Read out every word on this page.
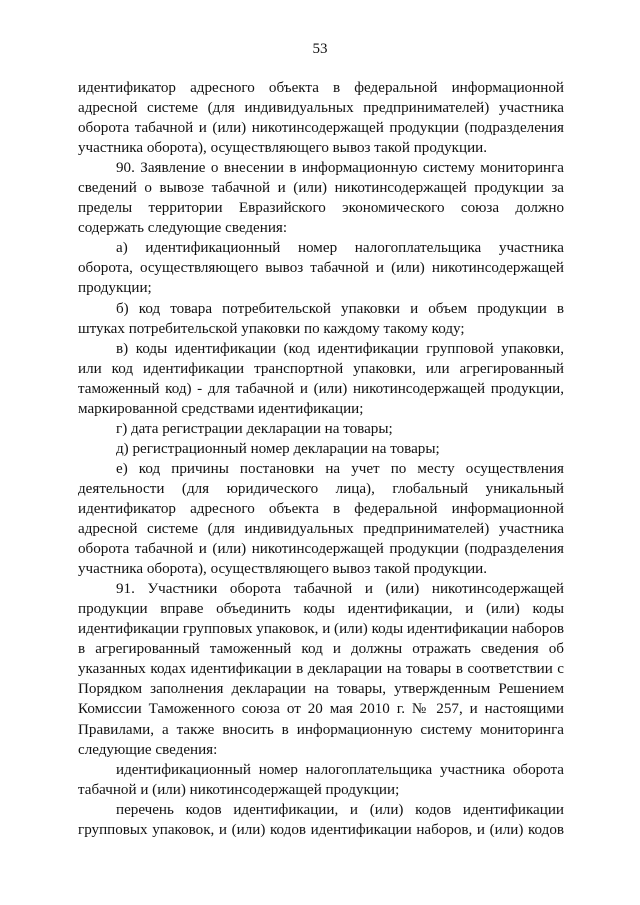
53

идентификатор адресного объекта в федеральной информационной адресной системе (для индивидуальных предпринимателей) участника оборота табачной и (или) никотинсодержащей продукции (подразделения участника оборота), осуществляющего вывоз такой продукции.

90. Заявление о внесении в информационную систему мониторинга сведений о вывозе табачной и (или) никотинсодержащей продукции за пределы территории Евразийского экономического союза должно содержать следующие сведения:

а) идентификационный номер налогоплательщика участника оборота, осуществляющего вывоз табачной и (или) никотинсодержащей продукции;

б) код товара потребительской упаковки и объем продукции в штуках потребительской упаковки по каждому такому коду;

в) коды идентификации (код идентификации групповой упаковки, или код идентификации транспортной упаковки, или агрегированный таможенный код) - для табачной и (или) никотинсодержащей продукции, маркированной средствами идентификации;

г) дата регистрации декларации на товары;

д) регистрационный номер декларации на товары;

е) код причины постановки на учет по месту осуществления деятельности (для юридического лица), глобальный уникальный идентификатор адресного объекта в федеральной информационной адресной системе (для индивидуальных предпринимателей) участника оборота табачной и (или) никотинсодержащей продукции (подразделения участника оборота), осуществляющего вывоз такой продукции.

91. Участники оборота табачной и (или) никотинсодержащей продукции вправе объединить коды идентификации, и (или) коды идентификации групповых упаковок, и (или) коды идентификации наборов в агрегированный таможенный код и должны отражать сведения об указанных кодах идентификации в декларации на товары в соответствии с Порядком заполнения декларации на товары, утвержденным Решением Комиссии Таможенного союза от 20 мая 2010 г. № 257, и настоящими Правилами, а также вносить в информационную систему мониторинга следующие сведения:

идентификационный номер налогоплательщика участника оборота табачной и (или) никотинсодержащей продукции;

перечень кодов идентификации, и (или) кодов идентификации групповых упаковок, и (или) кодов идентификации наборов, и (или) кодов
